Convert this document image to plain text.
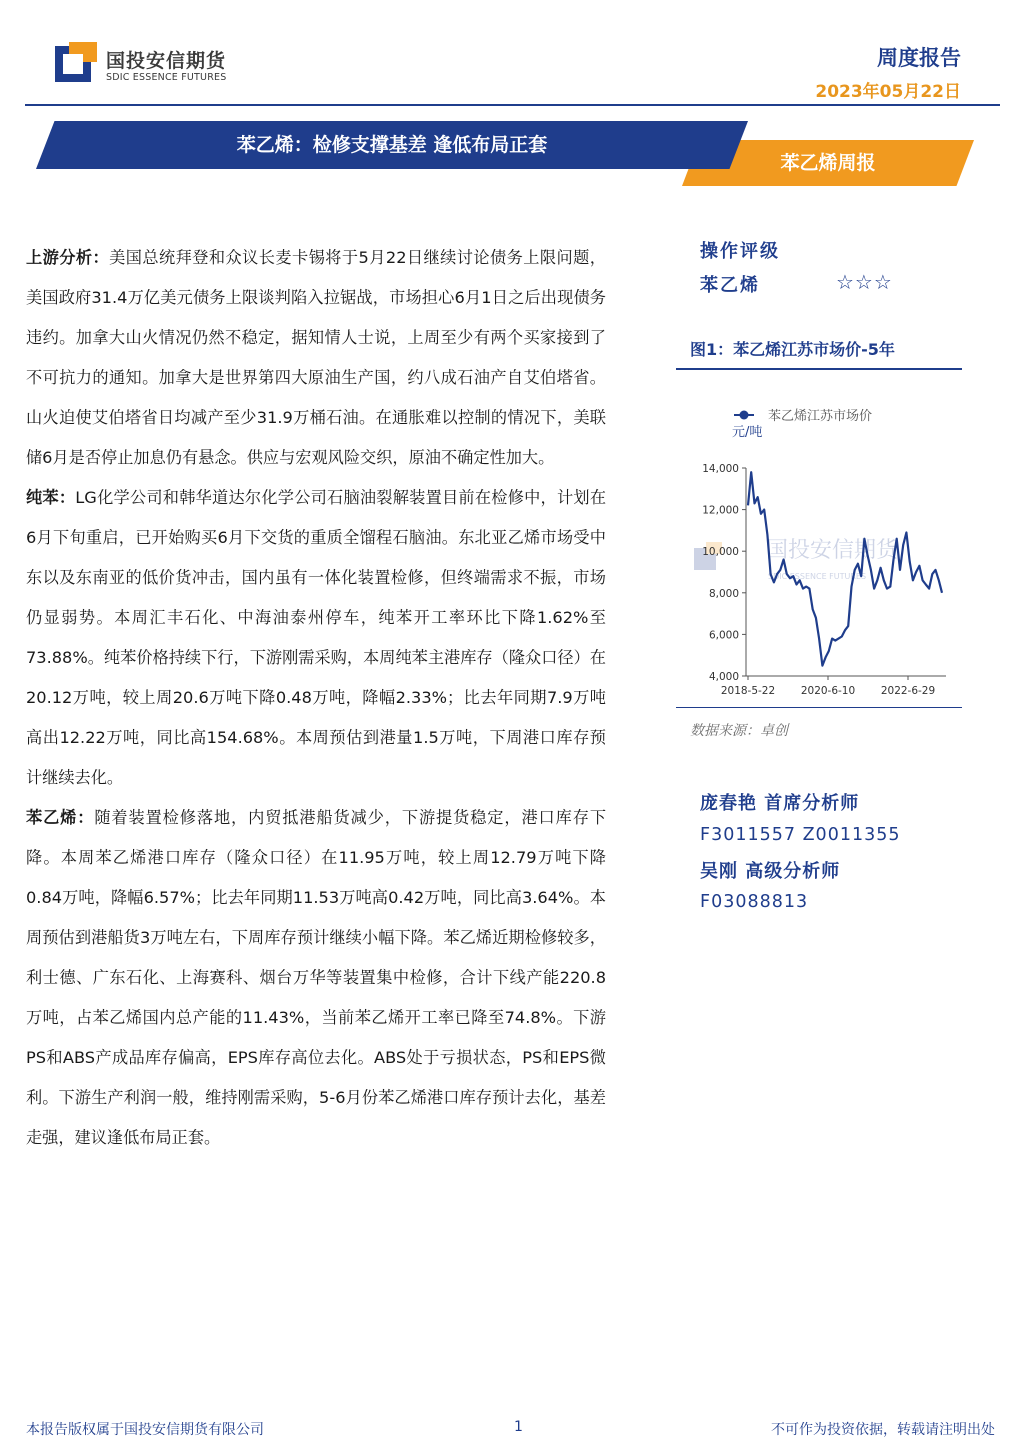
国投安信期货
SDIC ESSENCE FUTURES
周度报告
2023年05月22日
苯乙烯周报
苯乙烯：检修支撑基差 逢低布局正套

上游分析：美国总统拜登和众议长麦卡锡将于5月22日继续讨论债务上限问题，美国政府31.4万亿美元债务上限谈判陷入拉锯战，市场担心6月1日之后出现债务违约。加拿大山火情况仍然不稳定，据知情人士说，上周至少有两个买家接到了不可抗力的通知。加拿大是世界第四大原油生产国，约八成石油产自艾伯塔省。山火迫使艾伯塔省日均减产至少31.9万桶石油。在通胀难以控制的情况下，美联储6月是否停止加息仍有悬念。供应与宏观风险交织，原油不确定性加大。

纯苯：LG化学公司和韩华道达尔化学公司石脑油裂解装置目前在检修中，计划在6月下旬重启，已开始购买6月下交货的重质全馏程石脑油。东北亚乙烯市场受中东以及东南亚的低价货冲击，国内虽有一体化装置检修，但终端需求不振，市场仍显弱势。本周汇丰石化、中海油泰州停车，纯苯开工率环比下降1.62%至73.88%。纯苯价格持续下行，下游刚需采购，本周纯苯主港库存（隆众口径）在20.12万吨，较上周20.6万吨下降0.48万吨，降幅2.33%；比去年同期7.9万吨高出12.22万吨，同比高154.68%。本周预估到港量1.5万吨，下周港口库存预计继续去化。

苯乙烯：随着装置检修落地，内贸抵港船货减少，下游提货稳定，港口库存下降。本周苯乙烯港口库存（隆众口径）在11.95万吨，较上周12.79万吨下降0.84万吨，降幅6.57%；比去年同期11.53万吨高0.42万吨，同比高3.64%。本周预估到港船货3万吨左右，下周库存预计继续小幅下降。苯乙烯近期检修较多，利士德、广东石化、上海赛科、烟台万华等装置集中检修，合计下线产能220.8万吨，占苯乙烯国内总产能的11.43%，当前苯乙烯开工率已降至74.8%。下游PS和ABS产成品库存偏高，EPS库存高位去化。ABS处于亏损状态，PS和EPS微利。下游生产利润一般，维持刚需采购，5-6月份苯乙烯港口库存预计去化，基差走强，建议逢低布局正套。

操作评级
苯乙烯	☆☆☆
图1：苯乙烯江苏市场价-5年
国投安信期货
SDIC ESSENCE FUTURES
苯乙烯江苏市场价
元/吨
14,000
12,000
10,000
8,000
6,000
4,000
2018-5-22 2020-6-10 2022-6-29
数据来源：卓创
庞春艳 首席分析师
F3011557 Z0011355
吴刚 高级分析师
F03088813
本报告版权属于国投安信期货有限公司	1	不可作为投资依据，转载请注明出处
